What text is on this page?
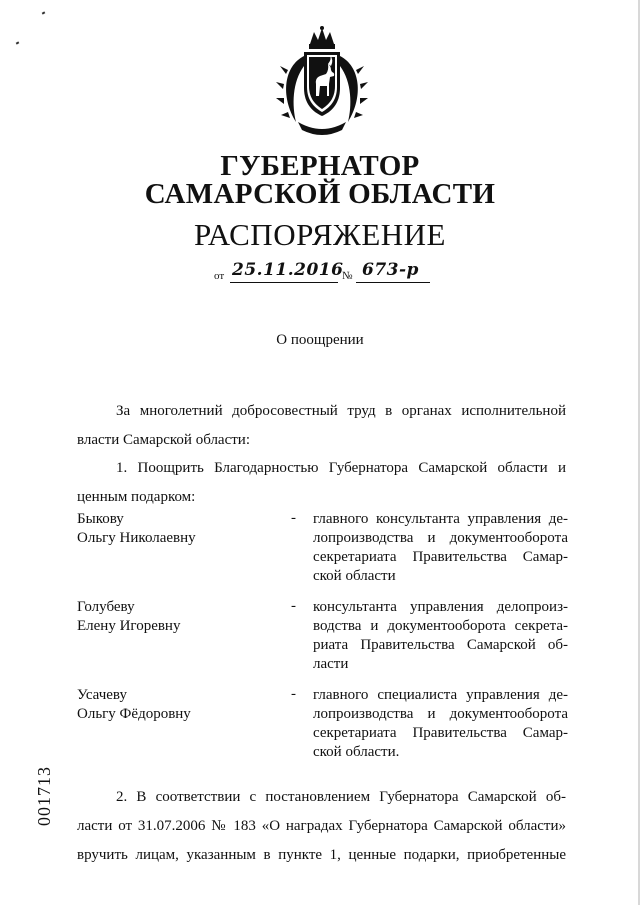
ГУБЕРНАТОР
САМАРСКОЙ ОБЛАСТИ
РАСПОРЯЖЕНИЕ
от 25.11.2016
№ 673-р
О поощрении
За многолетний добросовестный труд в органах исполнительной
власти Самарской области:
1. Поощрить Благодарностью Губернатора Самарской области и
ценным подарком:
Быкову
Ольгу Николаевну
- главного консультанта управления де-
лопроизводства и документооборота
секретариата Правительства Самар-
ской области
Голубеву
Елену Игоревну
- консультанта управления делопроиз-
водства и документооборота секрета-
риата Правительства Самарской об-
ласти
Усачеву
Ольгу Фёдоровну
- главного специалиста управления де-
лопроизводства и документооборота
секретариата Правительства Самар-
ской области.
2. В соответствии с постановлением Губернатора Самарской об-
ласти от 31.07.2006 № 183 «О наградах Губернатора Самарской области»
вручить лицам, указанным в пункте 1, ценные подарки, приобретенные
001713
